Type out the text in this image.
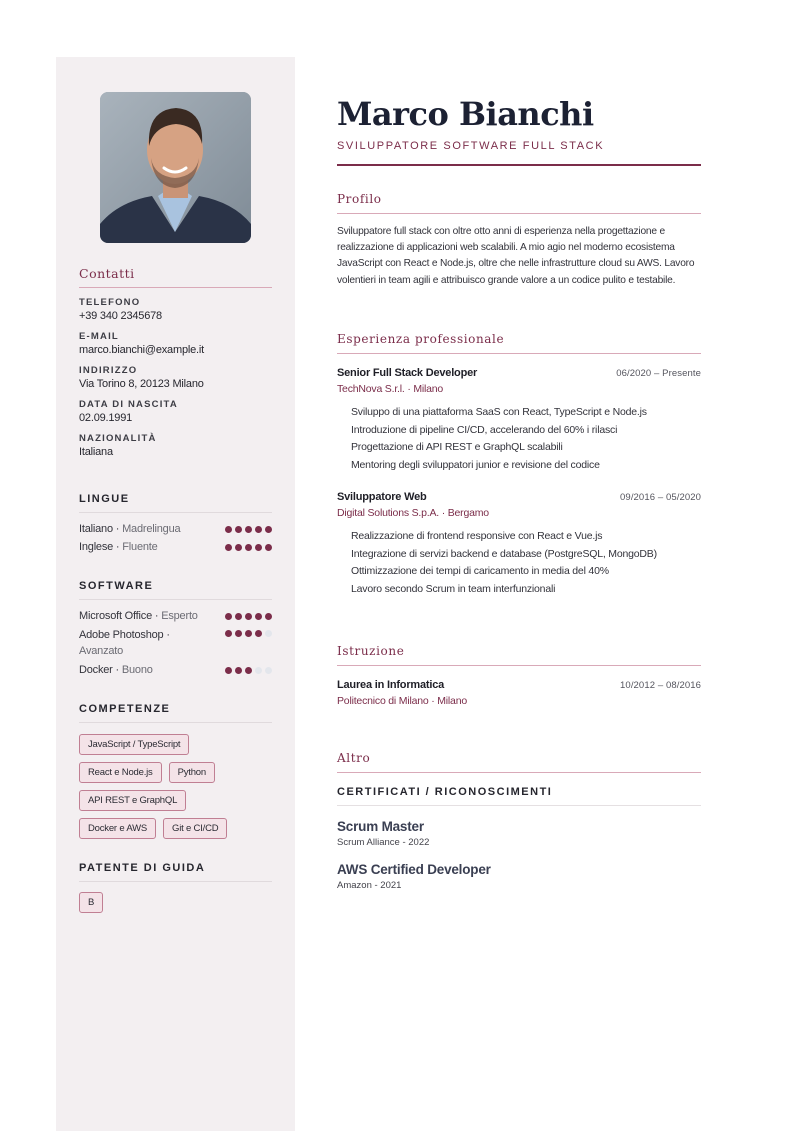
Contatti
TELEFONO
+39 340 2345678
E-MAIL
marco.bianchi@example.it
INDIRIZZO
Via Torino 8, 20123 Milano
DATA DI NASCITA
02.09.1991
NAZIONALITÀ
Italiana
LINGUE
Italiano · Madrelingua
Inglese · Fluente
SOFTWARE
Microsoft Office · Esperto
Adobe Photoshop · Avanzato
Docker · Buono
COMPETENZE
JavaScript / TypeScript
React e Node.js	Python
API REST e GraphQL
Docker e AWS	Git e CI/CD
PATENTE DI GUIDA
B
Marco Bianchi
SVILUPPATORE SOFTWARE FULL STACK
Profilo
Sviluppatore full stack con oltre otto anni di esperienza nella progettazione e realizzazione di applicazioni web scalabili. A mio agio nel moderno ecosistema JavaScript con React e Node.js, oltre che nelle infrastrutture cloud su AWS. Lavoro volentieri in team agili e attribuisco grande valore a un codice pulito e testabile.
Esperienza professionale
Senior Full Stack Developer	06/2020 – Presente
TechNova S.r.l. · Milano
Sviluppo di una piattaforma SaaS con React, TypeScript e Node.js
Introduzione di pipeline CI/CD, accelerando del 60% i rilasci
Progettazione di API REST e GraphQL scalabili
Mentoring degli sviluppatori junior e revisione del codice
Sviluppatore Web	09/2016 – 05/2020
Digital Solutions S.p.A. · Bergamo
Realizzazione di frontend responsive con React e Vue.js
Integrazione di servizi backend e database (PostgreSQL, MongoDB)
Ottimizzazione dei tempi di caricamento in media del 40%
Lavoro secondo Scrum in team interfunzionali
Istruzione
Laurea in Informatica	10/2012 – 08/2016
Politecnico di Milano · Milano
Altro
CERTIFICATI / RICONOSCIMENTI
Scrum Master
Scrum Alliance - 2022
AWS Certified Developer
Amazon - 2021
